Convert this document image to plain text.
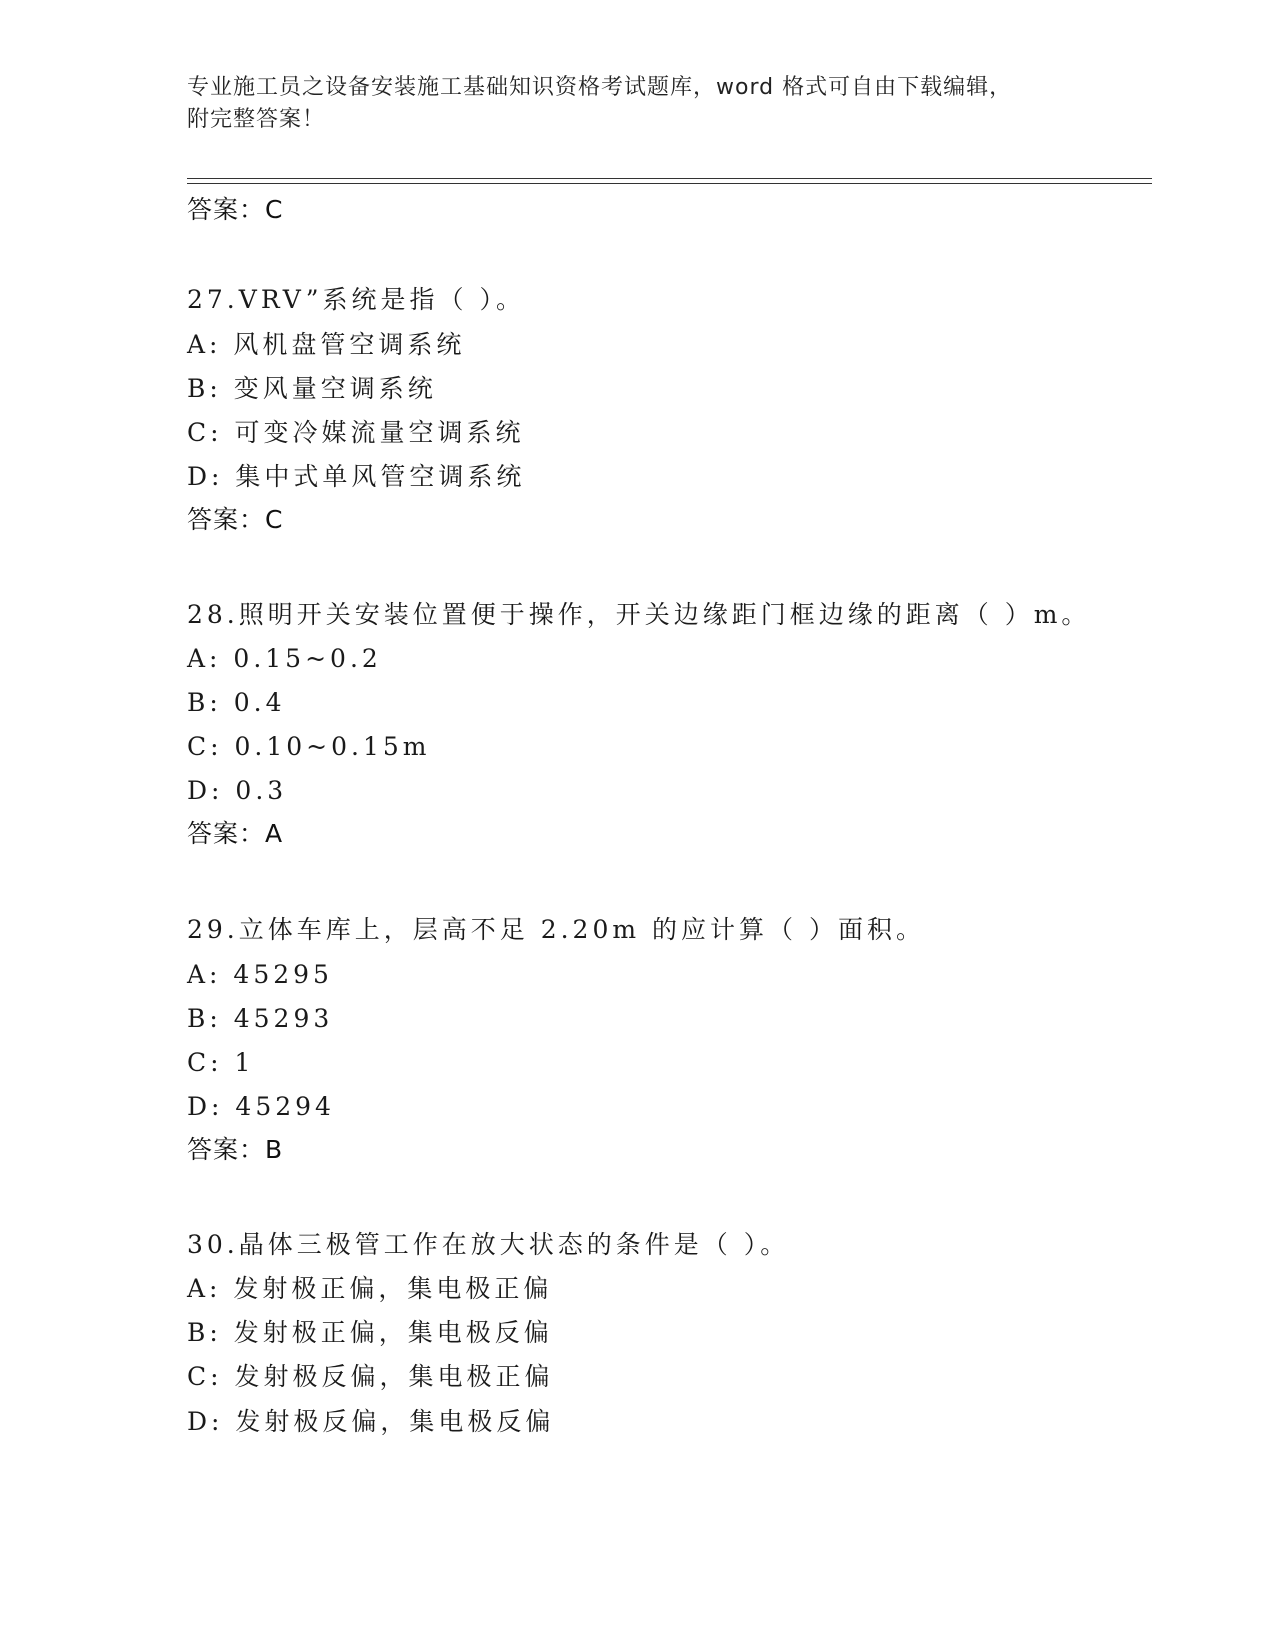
专业施工员之设备安装施工基础知识资格考试题库，word 格式可自由下载编辑，
附完整答案！
答案：C
27.VRV”系统是指（ ）。
A: 风机盘管空调系统
B: 变风量空调系统
C: 可变冷媒流量空调系统
D: 集中式单风管空调系统
答案：C
28.照明开关安装位置便于操作，开关边缘距门框边缘的距离（ ）m。
A: 0.15~0.2
B: 0.4
C: 0.10~0.15m
D: 0.3
答案：A
29.立体车库上，层高不足 2.20m 的应计算（ ）面积。
A: 45295
B: 45293
C: 1
D: 45294
答案：B
30.晶体三极管工作在放大状态的条件是（ ）。
A: 发射极正偏，集电极正偏
B: 发射极正偏，集电极反偏
C: 发射极反偏，集电极正偏
D: 发射极反偏，集电极反偏
